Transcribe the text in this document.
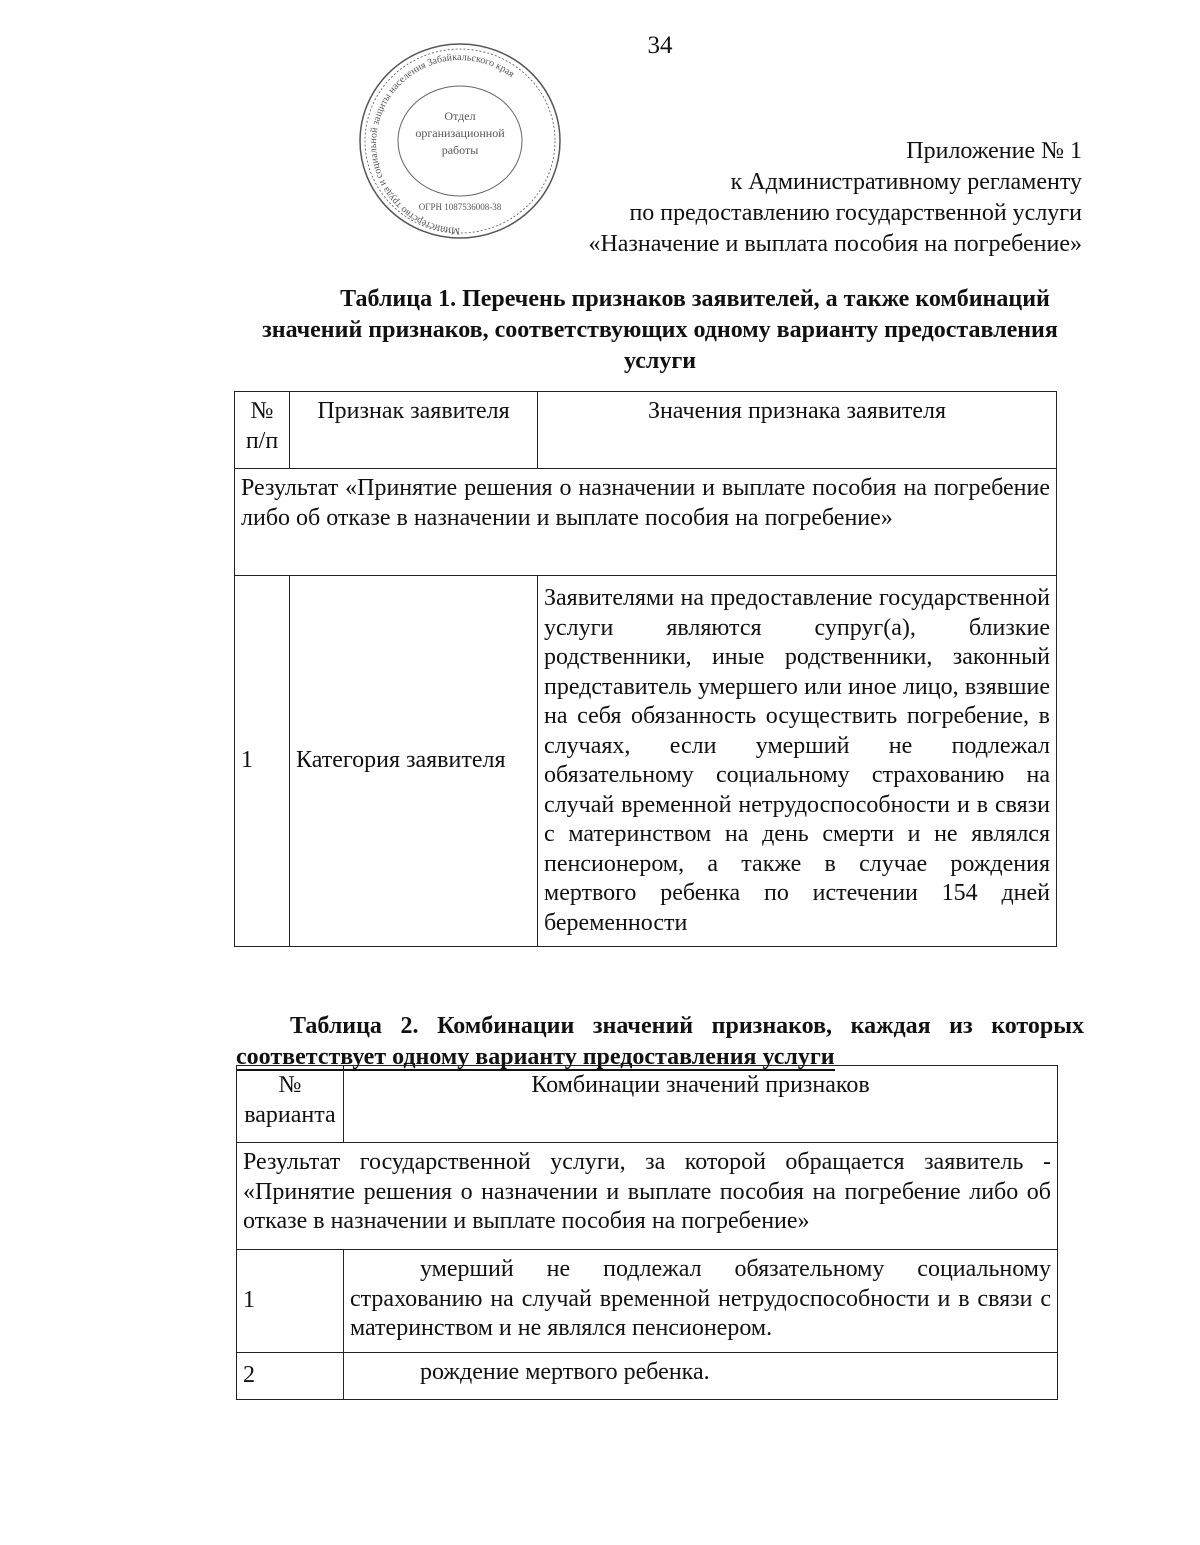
34
Министерство труда и социальной защиты населения Забайкальского края
Отдел
организационной
работы
ОГРН 1087536008-38
Приложение № 1
к Административному регламенту
по предоставлению государственной услуги
«Назначение и выплата пособия на погребение»
Таблица 1. Перечень признаков заявителей, а также комбинаций
значений признаков, соответствующих одному варианту предоставления
услуги
№ п/п	Признак заявителя	Значения признака заявителя
Результат «Принятие решения о назначении и выплате пособия на погребение либо об отказе в назначении и выплате пособия на погребение»		
1	Категория заявителя	Заявителями на предоставление государственной услуги являются супруг(а), близкие родственники, иные родственники, законный представитель умершего или иное лицо, взявшие на себя обязанность осуществить погребение, в случаях, если умерший не подлежал обязательному социальному страхованию на случай временной нетрудоспособности и в связи с материнством на день смерти и не являлся пенсионером, а также в случае рождения мертвого ребенка по истечении 154 дней беременности
Таблица 2. Комбинации значений признаков, каждая из которых
соответствует одному варианту предоставления услуги
№ варианта	Комбинации значений признаков
Результат государственной услуги, за которой обращается заявитель - «Принятие решения о назначении и выплате пособия на погребение либо об отказе в назначении и выплате пособия на погребение»	
1	умерший не подлежал обязательному социальному страхованию на случай временной нетрудоспособности и в связи с материнством и не являлся пенсионером.
2	рождение мертвого ребенка.
